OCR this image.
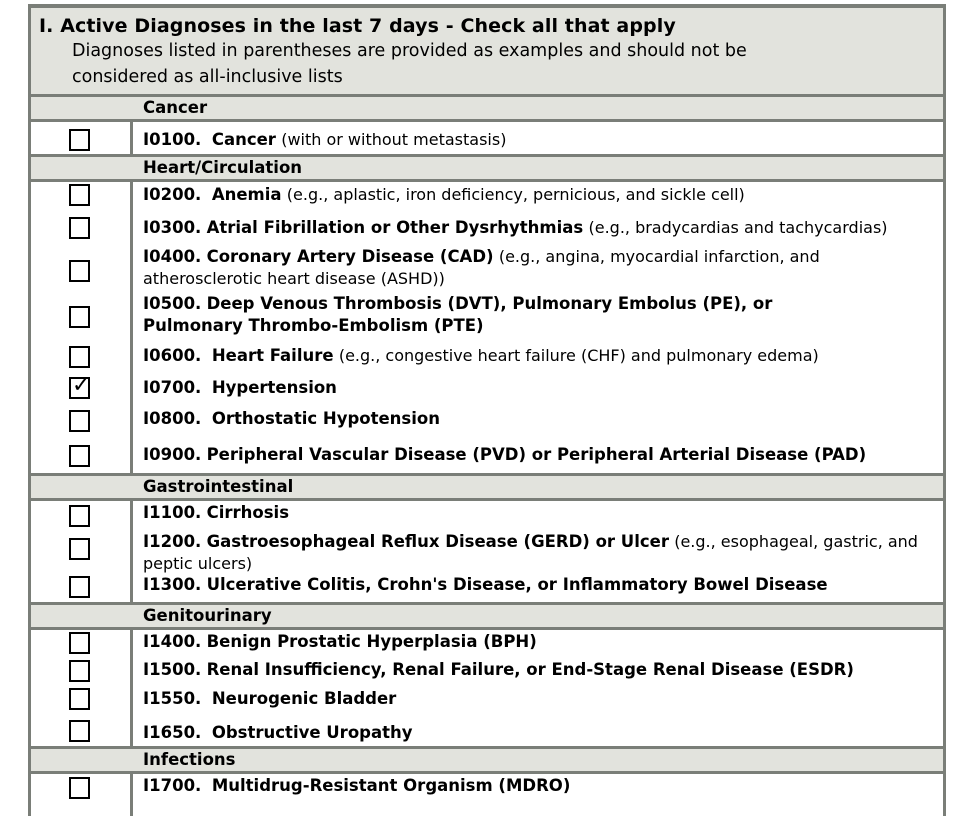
I. Active Diagnoses in the last 7 days - Check all that apply
Diagnoses listed in parentheses are provided as examples and should not be
considered as all-inclusive lists
Cancer
Heart/Circulation
Gastrointestinal
Genitourinary
Infections
✓
I0100. Cancer (with or without metastasis)
I0200. Anemia (e.g., aplastic, iron deficiency, pernicious, and sickle cell)
I0300. Atrial Fibrillation or Other Dysrhythmias (e.g., bradycardias and tachycardias)
I0400. Coronary Artery Disease (CAD) (e.g., angina, myocardial infarction, and atherosclerotic heart disease (ASHD))
I0500. Deep Venous Thrombosis (DVT), Pulmonary Embolus (PE), or Pulmonary Thrombo-Embolism (PTE)
I0600. Heart Failure (e.g., congestive heart failure (CHF) and pulmonary edema)
I0700. Hypertension
I0800. Orthostatic Hypotension
I0900. Peripheral Vascular Disease (PVD) or Peripheral Arterial Disease (PAD)
I1100. Cirrhosis
I1200. Gastroesophageal Reflux Disease (GERD) or Ulcer (e.g., esophageal, gastric, and peptic ulcers)
I1300. Ulcerative Colitis, Crohn's Disease, or Inflammatory Bowel Disease
I1400. Benign Prostatic Hyperplasia (BPH)
I1500. Renal Insufficiency, Renal Failure, or End-Stage Renal Disease (ESDR)
I1550. Neurogenic Bladder
I1650. Obstructive Uropathy
I1700. Multidrug-Resistant Organism (MDRO)
